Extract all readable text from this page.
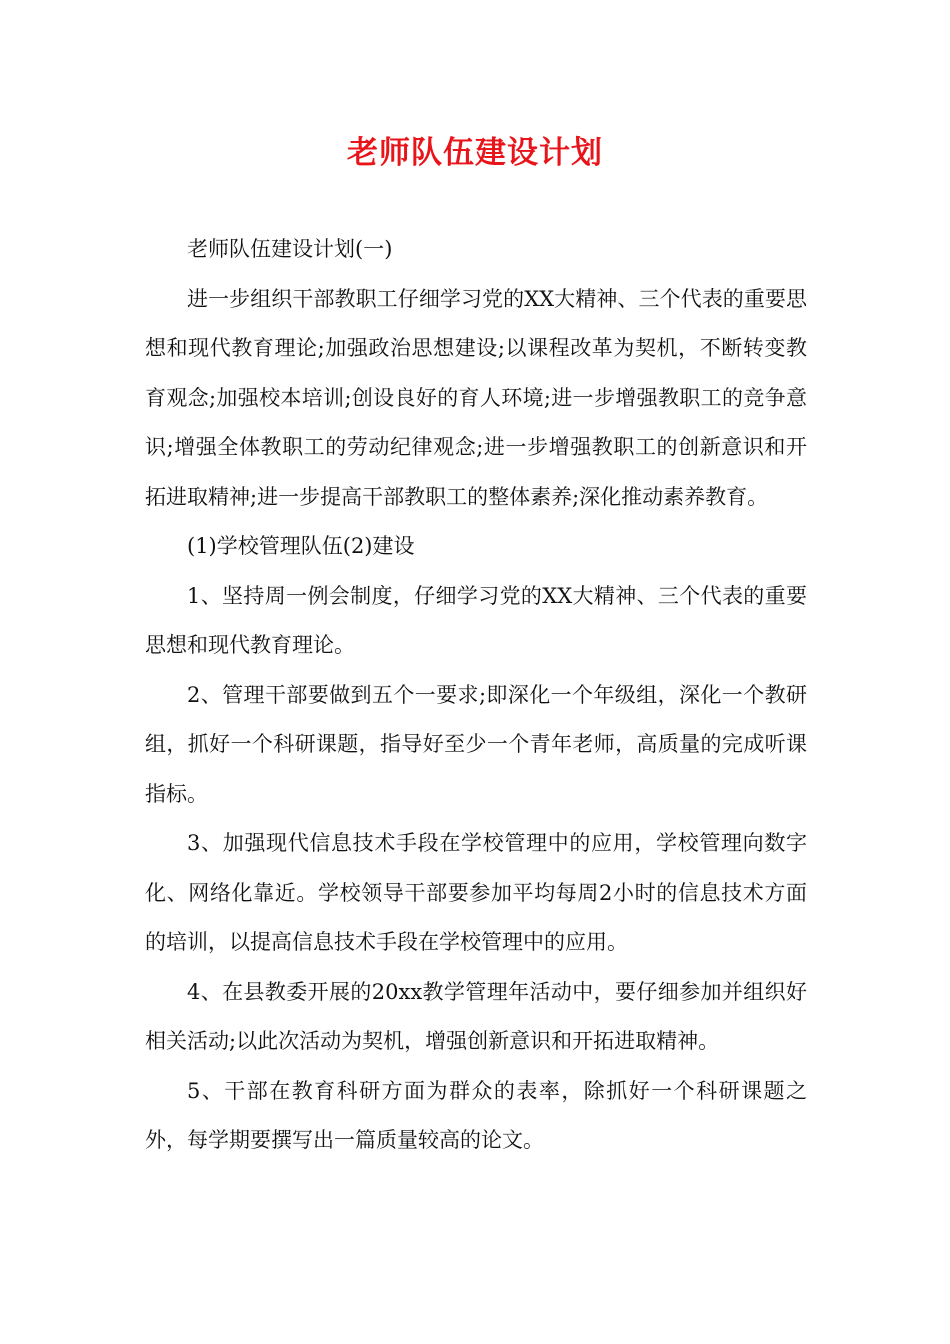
老师队伍建设计划

老师队伍建设计划(一)

进一步组织干部教职工仔细学习党的XX大精神、三个代表的重要思想和现代教育理论;加强政治思想建设;以课程改革为契机，不断转变教育观念;加强校本培训;创设良好的育人环境;进一步增强教职工的竞争意识;增强全体教职工的劳动纪律观念;进一步增强教职工的创新意识和开拓进取精神;进一步提高干部教职工的整体素养;深化推动素养教育。

(1)学校管理队伍(2)建设

1、坚持周一例会制度，仔细学习党的XX大精神、三个代表的重要思想和现代教育理论。

2、管理干部要做到五个一要求;即深化一个年级组，深化一个教研组，抓好一个科研课题，指导好至少一个青年老师，高质量的完成听课指标。

3、加强现代信息技术手段在学校管理中的应用，学校管理向数字化、网络化靠近。学校领导干部要参加平均每周2小时的信息技术方面的培训，以提高信息技术手段在学校管理中的应用。

4、在县教委开展的20xx教学管理年活动中，要仔细参加并组织好相关活动;以此次活动为契机，增强创新意识和开拓进取精神。

5、干部在教育科研方面为群众的表率，除抓好一个科研课题之外，每学期要撰写出一篇质量较高的论文。
